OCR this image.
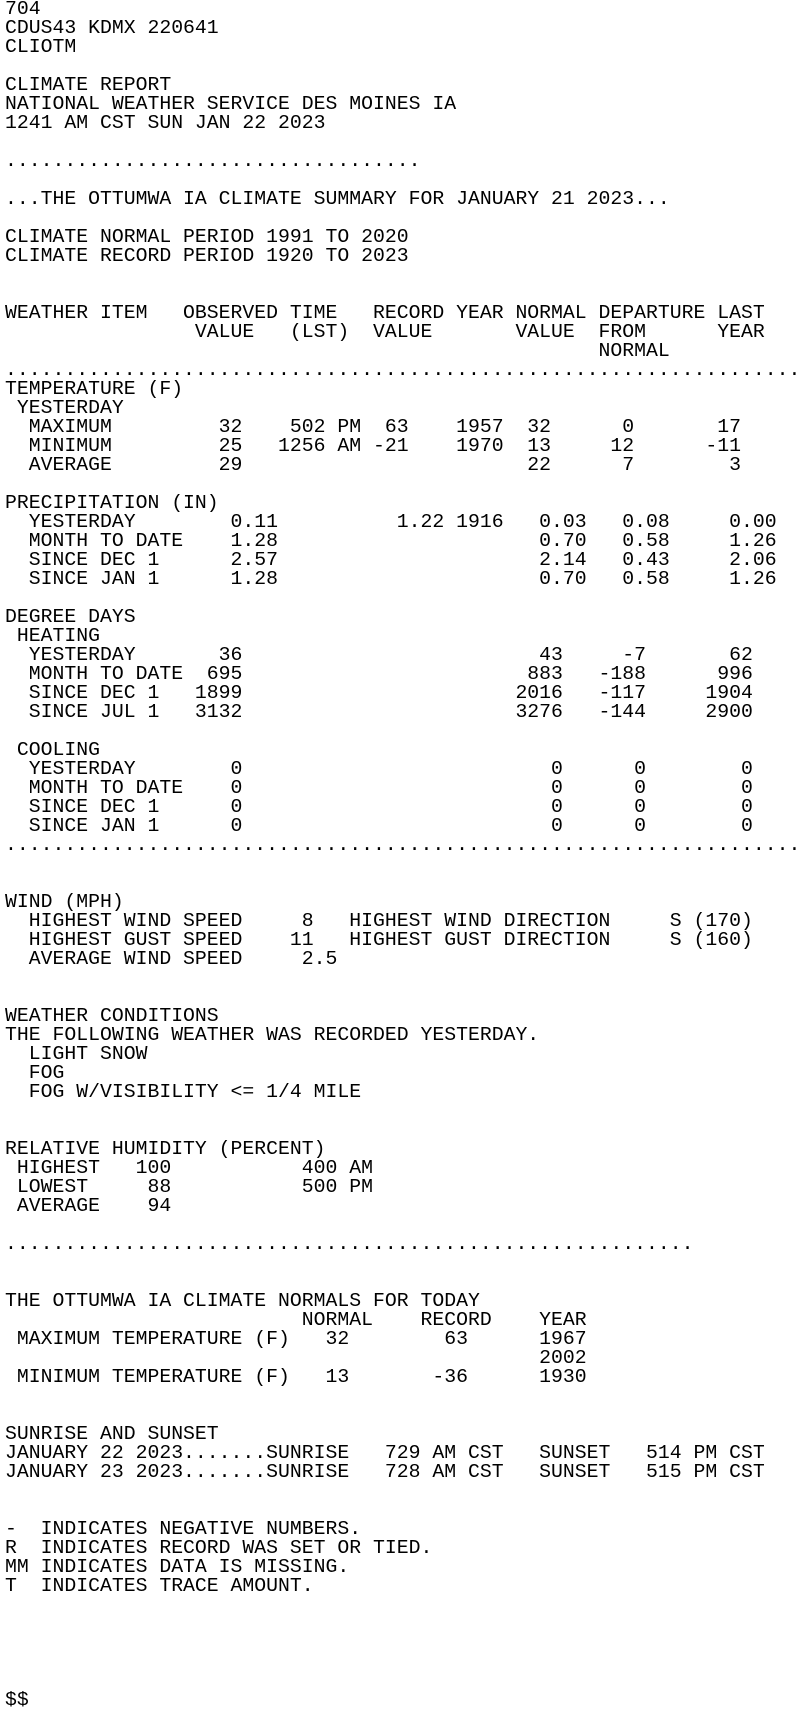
704
CDUS43 KDMX 220641
CLIOTM
CLIMATE REPORT
NATIONAL WEATHER SERVICE DES MOINES IA
1241 AM CST SUN JAN 22 2023
...................................
...THE OTTUMWA IA CLIMATE SUMMARY FOR JANUARY 21 2023...
CLIMATE NORMAL PERIOD 1991 TO 2020
CLIMATE RECORD PERIOD 1920 TO 2023
WEATHER ITEM   OBSERVED TIME   RECORD YEAR NORMAL DEPARTURE LAST
VALUE   (LST)  VALUE       VALUE  FROM      YEAR
NORMAL
...................................................................
TEMPERATURE (F)
YESTERDAY
MAXIMUM         32    502 PM  63    1957  32      0       17
MINIMUM         25   1256 AM -21    1970  13     12      -11
AVERAGE         29                        22      7        3
PRECIPITATION (IN)
YESTERDAY        0.11          1.22 1916   0.03   0.08     0.00
MONTH TO DATE    1.28                      0.70   0.58     1.26
SINCE DEC 1      2.57                      2.14   0.43     2.06
SINCE JAN 1      1.28                      0.70   0.58     1.26
DEGREE DAYS
HEATING
YESTERDAY       36                         43     -7       62
MONTH TO DATE  695                        883   -188      996
SINCE DEC 1   1899                       2016   -117     1904
SINCE JUL 1   3132                       3276   -144     2900
COOLING
YESTERDAY        0                          0      0        0
MONTH TO DATE    0                          0      0        0
SINCE DEC 1      0                          0      0        0
SINCE JAN 1      0                          0      0        0
...................................................................
WIND (MPH)
HIGHEST WIND SPEED     8   HIGHEST WIND DIRECTION     S (170)
HIGHEST GUST SPEED    11   HIGHEST GUST DIRECTION     S (160)
AVERAGE WIND SPEED     2.5
WEATHER CONDITIONS
THE FOLLOWING WEATHER WAS RECORDED YESTERDAY.
LIGHT SNOW
FOG
FOG W/VISIBILITY <= 1/4 MILE
RELATIVE HUMIDITY (PERCENT)
HIGHEST   100           400 AM
LOWEST     88           500 PM
AVERAGE    94
..........................................................
THE OTTUMWA IA CLIMATE NORMALS FOR TODAY
NORMAL    RECORD    YEAR
MAXIMUM TEMPERATURE (F)   32        63      1967
2002
MINIMUM TEMPERATURE (F)   13       -36      1930
SUNRISE AND SUNSET
JANUARY 22 2023.......SUNRISE   729 AM CST   SUNSET   514 PM CST
JANUARY 23 2023.......SUNRISE   728 AM CST   SUNSET   515 PM CST
-  INDICATES NEGATIVE NUMBERS.
R  INDICATES RECORD WAS SET OR TIED.
MM INDICATES DATA IS MISSING.
T  INDICATES TRACE AMOUNT.
$$
